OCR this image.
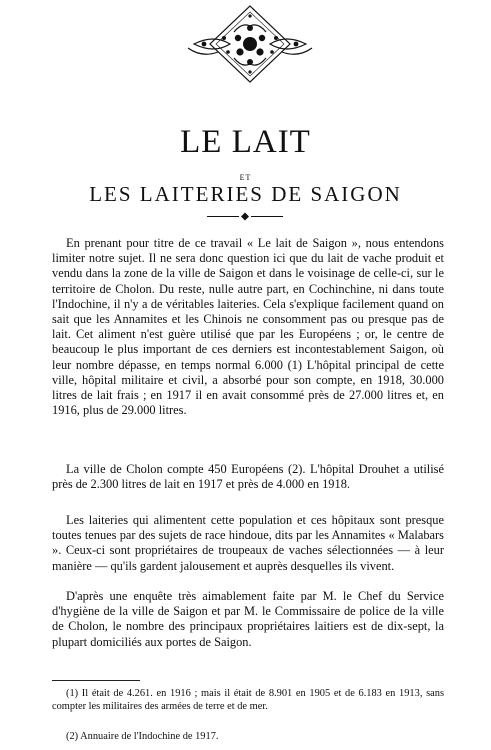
LE LAIT
ET
LES LAITERIES DE SAIGON

En prenant pour titre de ce travail « Le lait de Saigon », nous entendons limiter notre sujet. Il ne sera donc question ici que du lait de vache produit et vendu dans la zone de la ville de Saigon et dans le voisinage de celle-ci, sur le territoire de Cholon. Du reste, nulle autre part, en Cochinchine, ni dans toute l'Indochine, il n'y a de véritables laiteries. Cela s'explique facilement quand on sait que les Annamites et les Chinois ne consomment pas ou presque pas de lait. Cet aliment n'est guère utilisé que par les Européens ; or, le centre de beaucoup le plus important de ces derniers est incontestablement Saigon, où leur nombre dépasse, en temps normal 6.000 (1) L'hôpital principal de cette ville, hôpital militaire et civil, a absorbé pour son compte, en 1918, 30.000 litres de lait frais ; en 1917 il en avait consommé près de 27.000 litres et, en 1916, plus de 29.000 litres.

La ville de Cholon compte 450 Européens (2). L'hôpital Drouhet a utilisé près de 2.300 litres de lait en 1917 et près de 4.000 en 1918.

Les laiteries qui alimentent cette population et ces hôpitaux sont presque toutes tenues par des sujets de race hindoue, dits par les Annamites « Malabars ». Ceux-ci sont propriétaires de troupeaux de vaches sélectionnées — à leur manière — qu'ils gardent jalousement et auprès desquelles ils vivent.

D'après une enquête très aimablement faite par M. le Chef du Service d'hygiène de la ville de Saigon et par M. le Commissaire de police de la ville de Cholon, le nombre des principaux propriétaires laitiers est de dix-sept, la plupart domiciliés aux portes de Saigon.

(1) Il était de 4.261. en 1916 ; mais il était de 8.901 en 1905 et de 6.183 en 1913, sans compter les militaires des armées de terre et de mer.

(2) Annuaire de l'Indochine de 1917.
